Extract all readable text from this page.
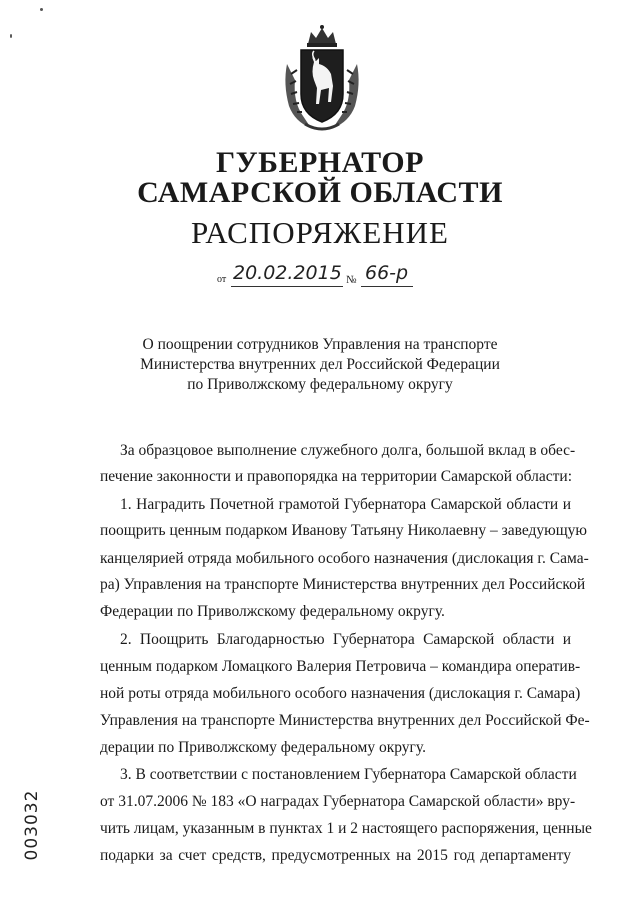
ГУБЕРНАТОР
САМАРСКОЙ ОБЛАСТИ
РАСПОРЯЖЕНИЕ
от 20.02.2015 № 66-р
О поощрении сотрудников Управления на транспорте
Министерства внутренних дел Российской Федерации
по Приволжскому федеральному округу
За образцовое выполнение служебного долга, большой вклад в обес-
печение законности и правопорядка на территории Самарской области:
1. Наградить Почетной грамотой Губернатора Самарской области и
поощрить ценным подарком Иванову Татьяну Николаевну – заведующую
канцелярией отряда мобильного особого назначения (дислокация г. Сама-
ра) Управления на транспорте Министерства внутренних дел Российской
Федерации по Приволжскому федеральному округу.
2. Поощрить Благодарностью Губернатора Самарской области и
ценным подарком Ломацкого Валерия Петровича – командира оператив-
ной роты отряда мобильного особого назначения (дислокация г. Самара)
Управления на транспорте Министерства внутренних дел Российской Фе-
дерации по Приволжскому федеральному округу.
3. В соответствии с постановлением Губернатора Самарской области
от 31.07.2006 № 183 «О наградах Губернатора Самарской области» вру-
чить лицам, указанным в пунктах 1 и 2 настоящего распоряжения, ценные
подарки за счет средств, предусмотренных на 2015 год департаменту
003032
